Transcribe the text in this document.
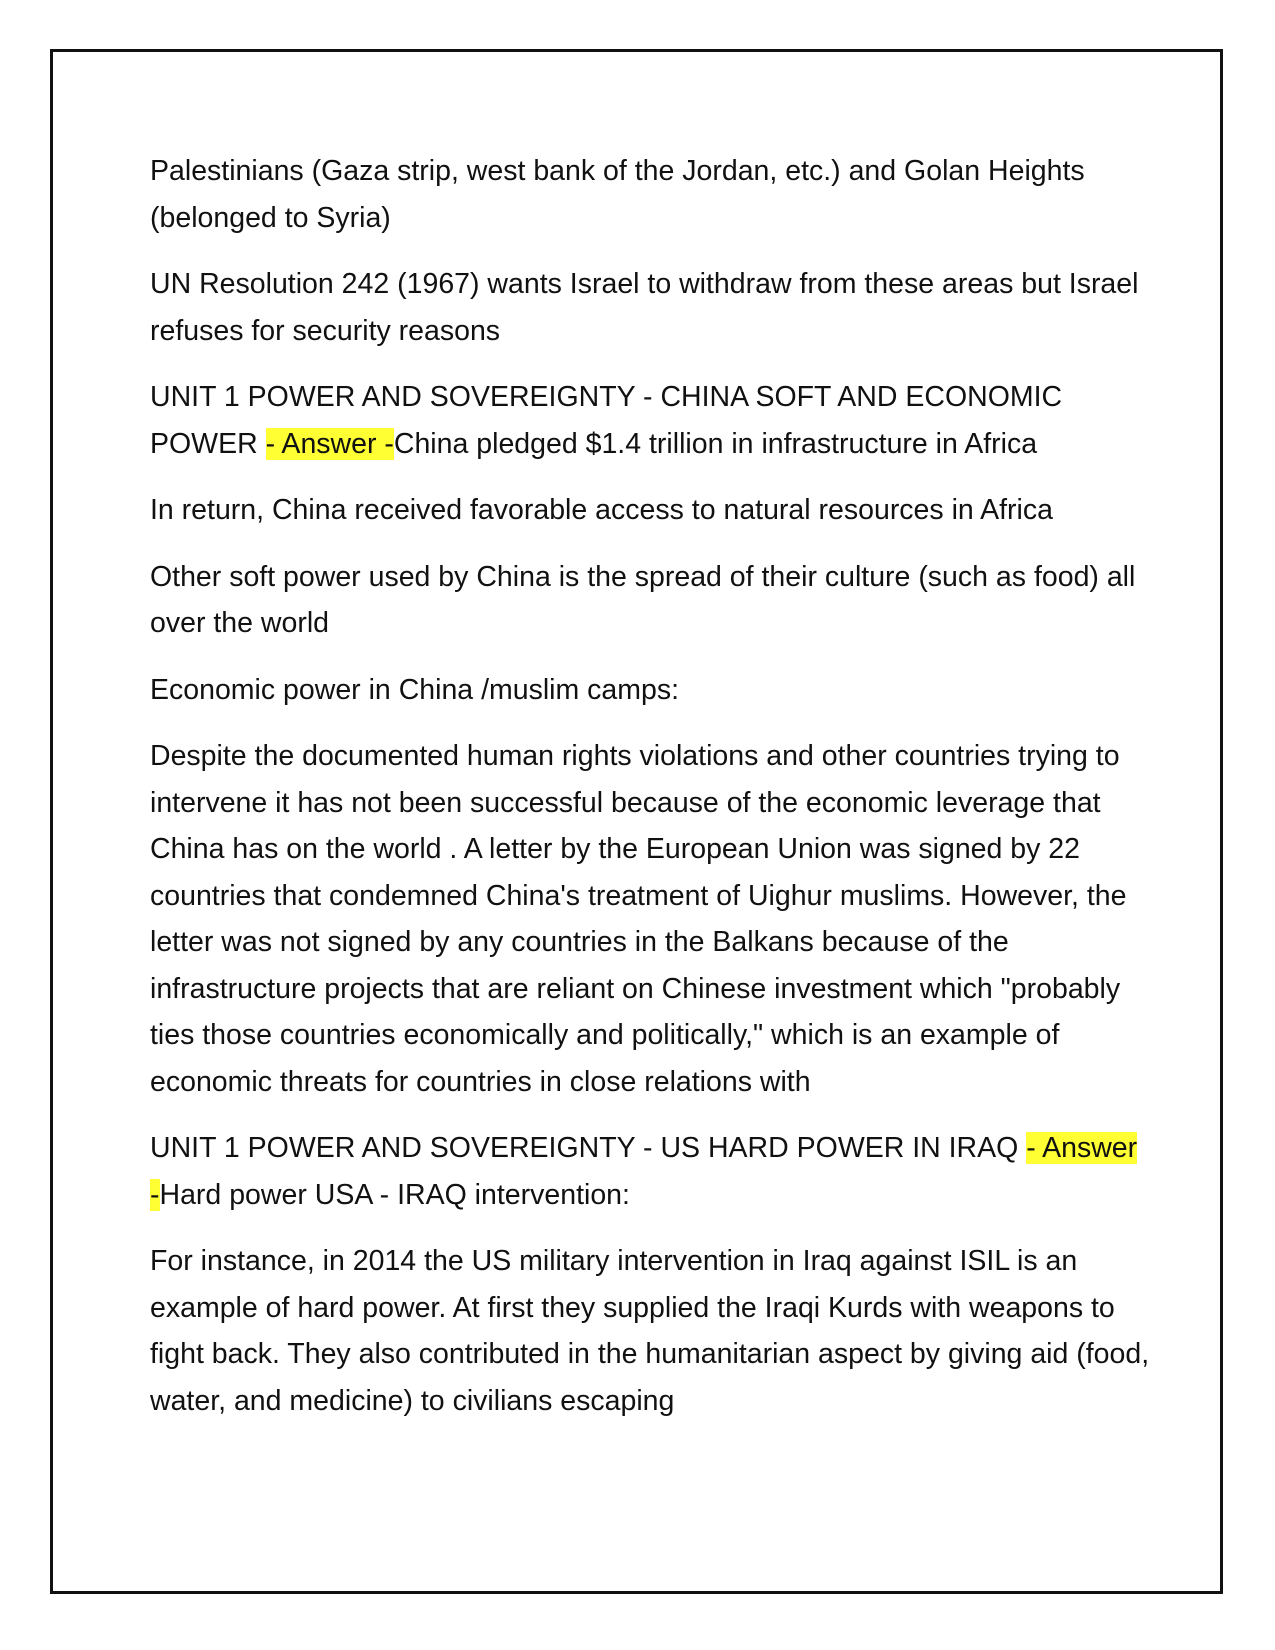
Palestinians (Gaza strip, west bank of the Jordan, etc.) and Golan Heights (belonged to Syria)

UN Resolution 242 (1967) wants Israel to withdraw from these areas but Israel refuses for security reasons

UNIT 1 POWER AND SOVEREIGNTY - CHINA SOFT AND ECONOMIC POWER - Answer -China pledged $1.4 trillion in infrastructure in Africa

In return, China received favorable access to natural resources in Africa

Other soft power used by China is the spread of their culture (such as food) all over the world

Economic power in China /muslim camps:

Despite the documented human rights violations and other countries trying to intervene it has not been successful because of the economic leverage that China has on the world . A letter by the European Union was signed by 22 countries that condemned China's treatment of Uighur muslims. However, the letter was not signed by any countries in the Balkans because of the infrastructure projects that are reliant on Chinese investment which "probably ties those countries economically and politically," which is an example of economic threats for countries in close relations with

UNIT 1 POWER AND SOVEREIGNTY - US HARD POWER IN IRAQ - Answer -Hard power USA - IRAQ intervention:

For instance, in 2014 the US military intervention in Iraq against ISIL is an example of hard power. At first they supplied the Iraqi Kurds with weapons to fight back. They also contributed in the humanitarian aspect by giving aid (food, water, and medicine) to civilians escaping
